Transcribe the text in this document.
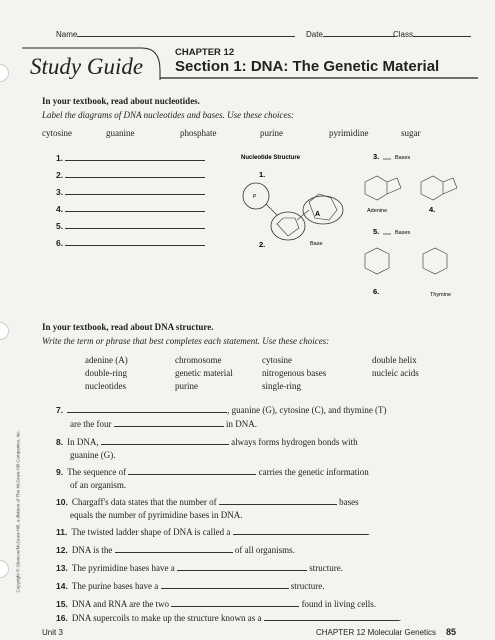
Name	Date	Class
Study Guide
CHAPTER 12
Section 1: DNA: The Genetic Material
In your textbook, read about nucleotides.
Label the diagrams of DNA nucleotides and bases. Use these choices:
cytosine	guanine	phosphate	purine	pyrimidine	sugar
1.
2.
3.
4.
5.
6.
Nucleotide Structure
1.
P
2.
A
Base
3.	Bases
Adenine	4.
5.	Bases
6.	Thymine
In your textbook, read about DNA structure.
Write the term or phrase that best completes each statement. Use these choices:
adenine (A)	chromosome	cytosine	double helix
double-ring	genetic material	nitrogenous bases	nucleic acids
nucleotides	purine	single-ring
7.	, guanine (G), cytosine (C), and thymine (T)
are the four	in DNA.
8. In DNA,	always forms hydrogen bonds with
guanine (G).
9. The sequence of	carries the genetic information
of an organism.
10. Chargaff's data states that the number of	bases
equals the number of pyrimidine bases in DNA.
11. The twisted ladder shape of DNA is called a	.
12. DNA is the	of all organisms.
13. The pyrimidine bases have a	structure.
14. The purine bases have a	structure.
15. DNA and RNA are the two	found in living cells.
16. DNA supercoils to make up the structure known as a	.
Copyright © Glencoe/McGraw-Hill, a division of The McGraw-Hill Companies, Inc.
Unit 3	CHAPTER 12 Molecular Genetics 85
